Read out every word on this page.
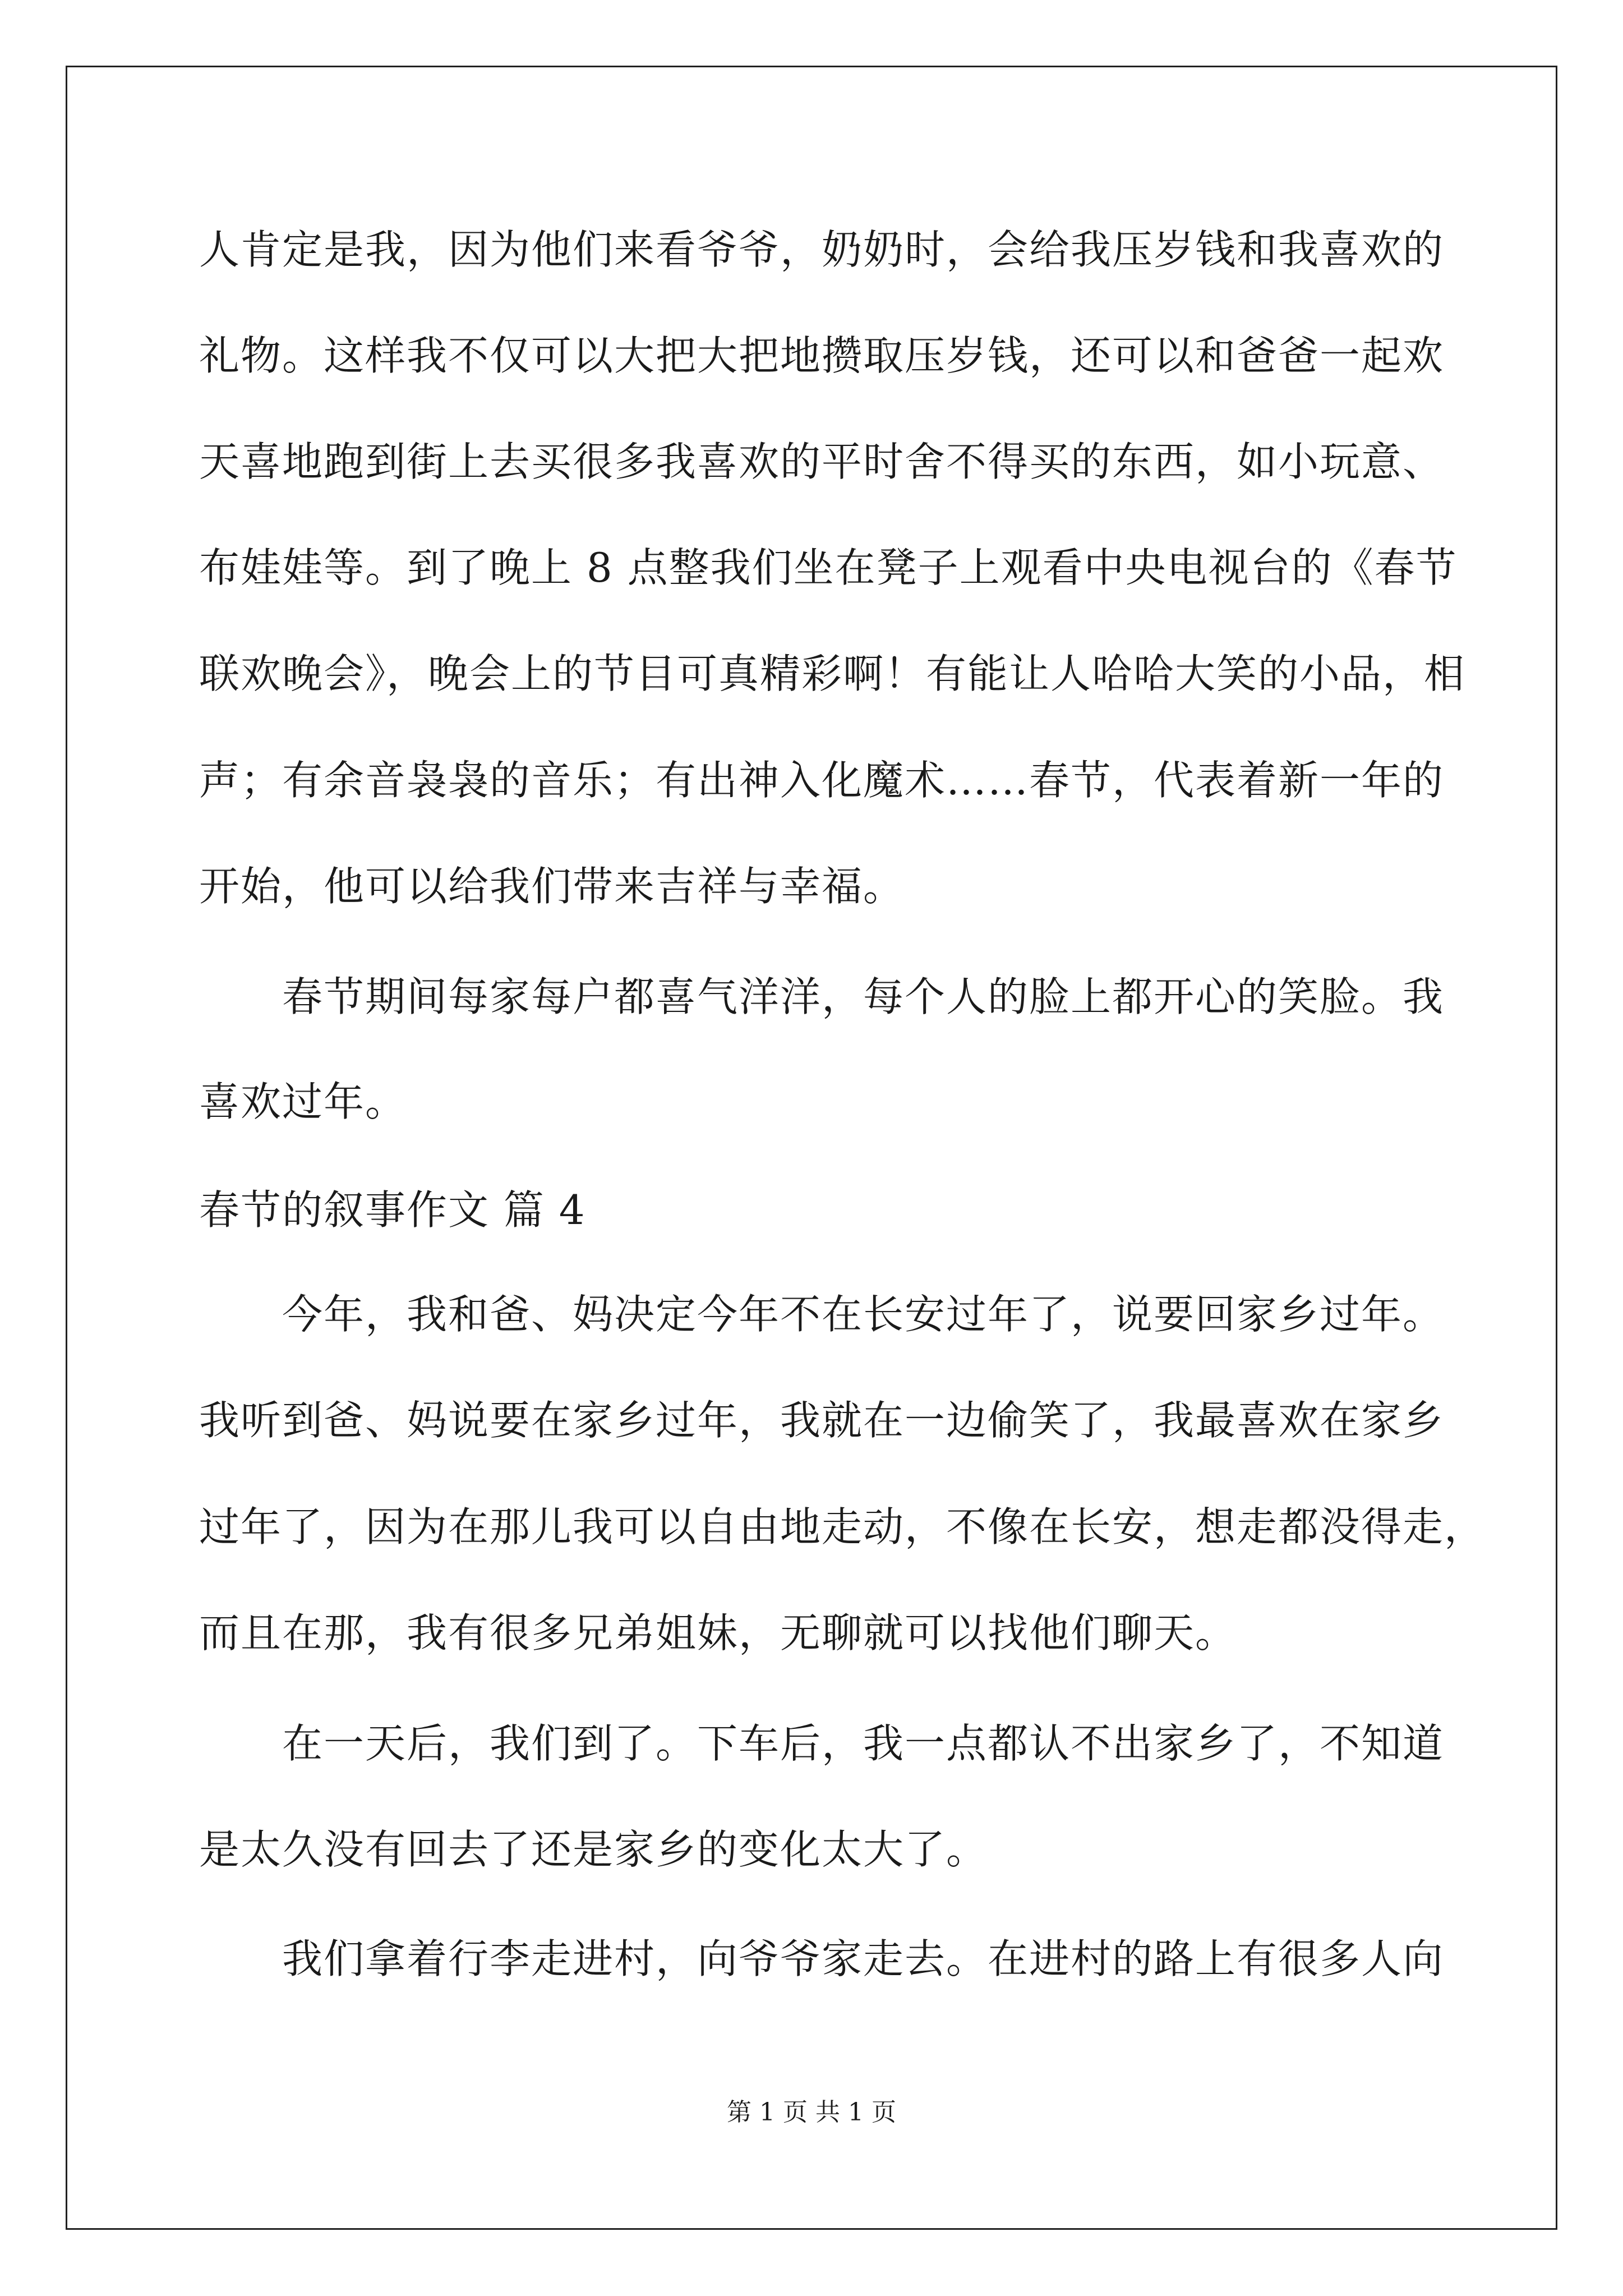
人肯定是我，因为他们来看爷爷，奶奶时，会给我压岁钱和我喜欢的
礼物。这样我不仅可以大把大把地攒取压岁钱，还可以和爸爸一起欢
天喜地跑到街上去买很多我喜欢的平时舍不得买的东西，如小玩意、
布娃娃等。到了晚上 8 点整我们坐在凳子上观看中央电视台的《春节
联欢晚会》，晚会上的节目可真精彩啊！有能让人哈哈大笑的小品，相
声；有余音袅袅的音乐；有出神入化魔术……春节，代表着新一年的
开始，他可以给我们带来吉祥与幸福。
　　春节期间每家每户都喜气洋洋，每个人的脸上都开心的笑脸。我
喜欢过年。
春节的叙事作文 篇 4
　　今年，我和爸、妈决定今年不在长安过年了，说要回家乡过年。
我听到爸、妈说要在家乡过年，我就在一边偷笑了，我最喜欢在家乡
过年了，因为在那儿我可以自由地走动，不像在长安，想走都没得走，
而且在那，我有很多兄弟姐妹，无聊就可以找他们聊天。
　　在一天后，我们到了。下车后，我一点都认不出家乡了，不知道
是太久没有回去了还是家乡的变化太大了。
　　我们拿着行李走进村，向爷爷家走去。在进村的路上有很多人向
第 1 页 共 1 页
